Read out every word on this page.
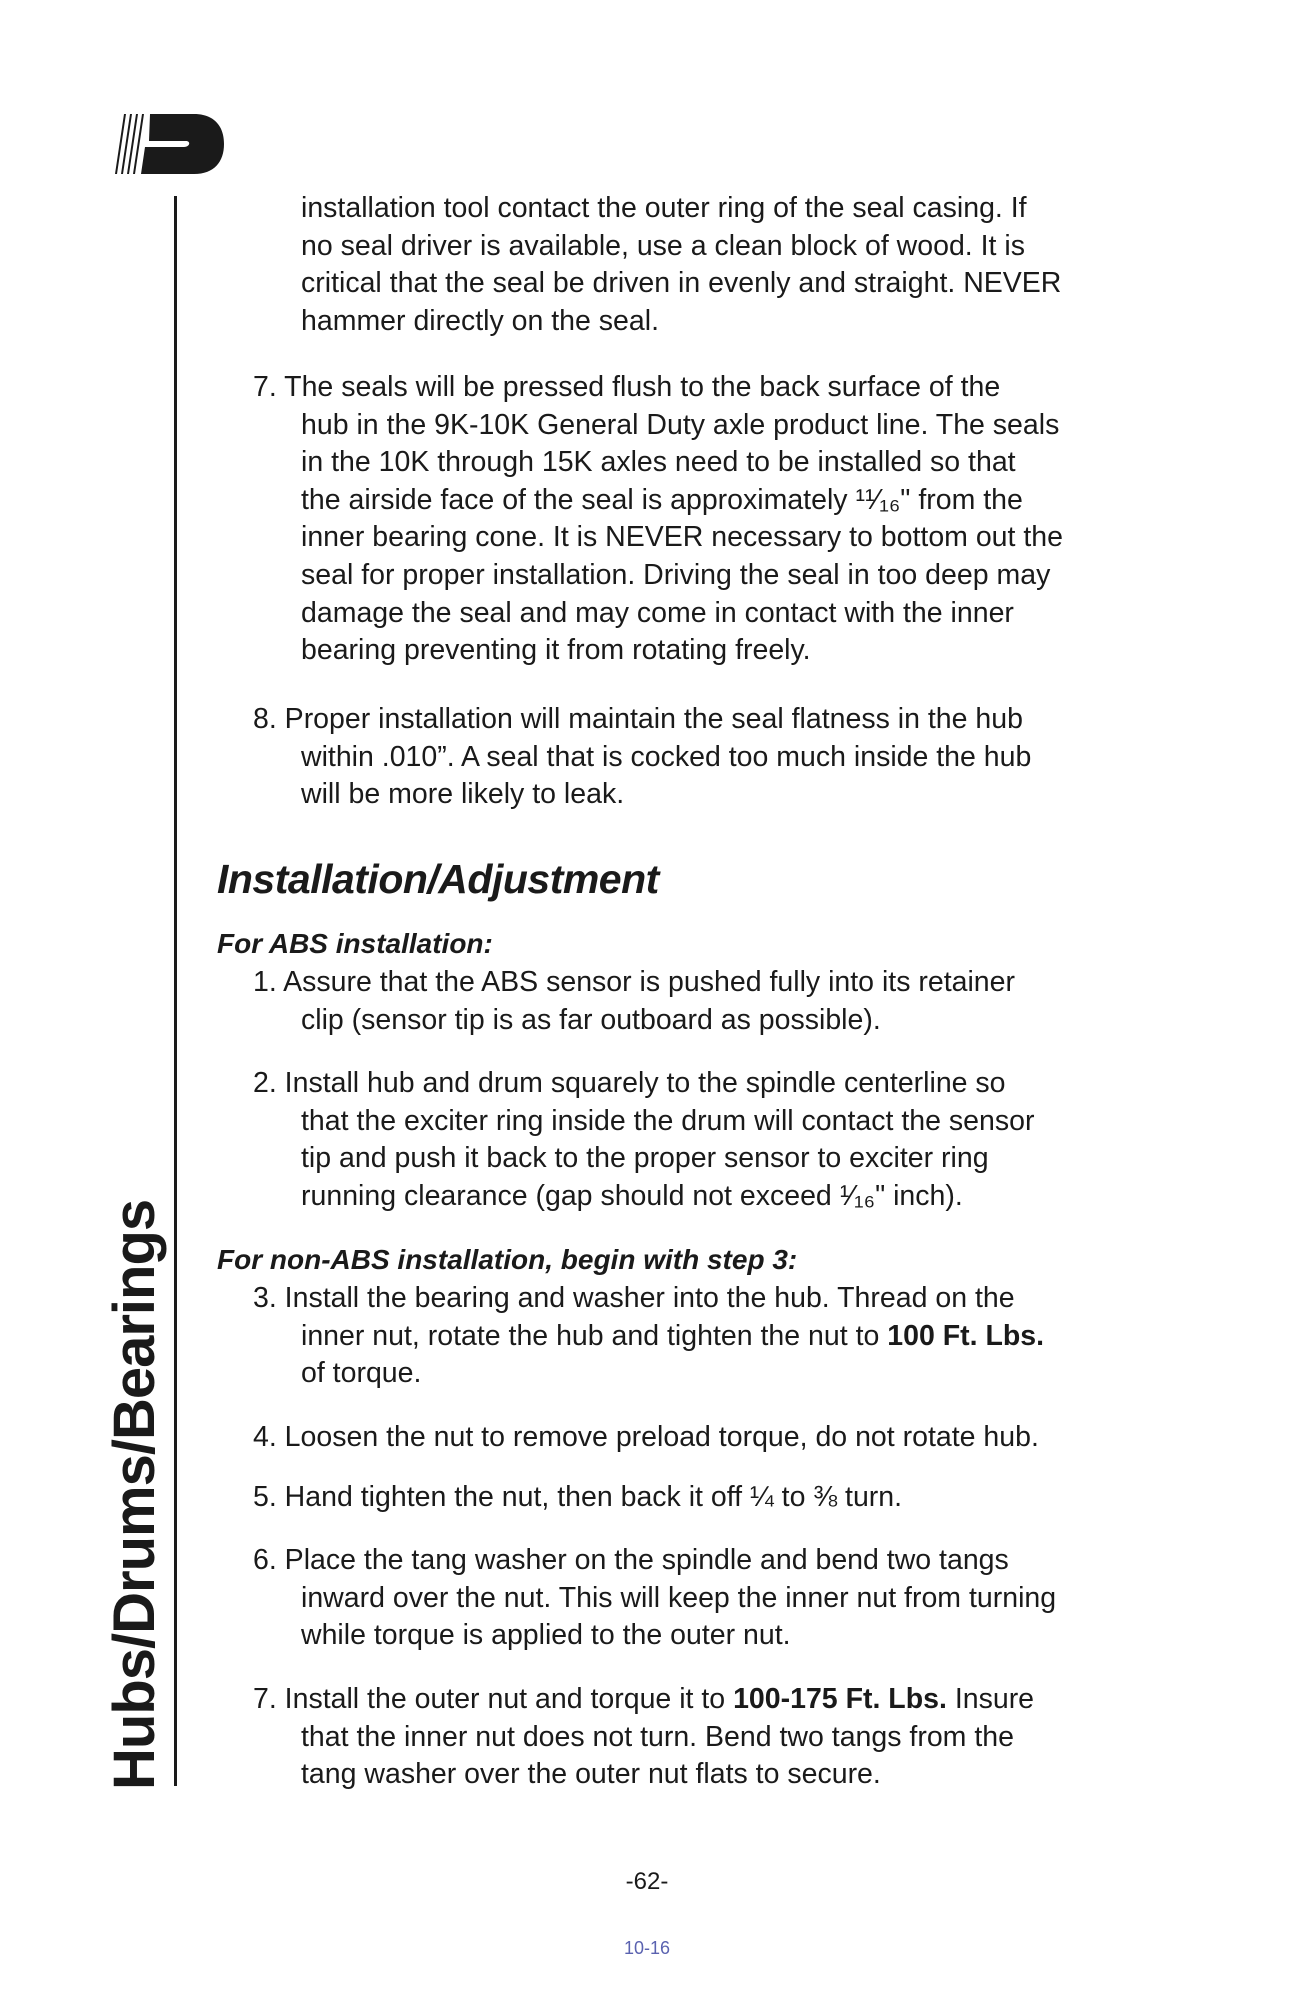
Hubs/Drums/Bearings
installation tool contact the outer ring of the seal casing. If
no seal driver is available, use a clean block of wood. It is
critical that the seal be driven in evenly and straight. NEVER
hammer directly on the seal.
7. The seals will be pressed flush to the back surface of the
hub in the 9K-10K General Duty axle product line. The seals
in the 10K through 15K axles need to be installed so that
the airside face of the seal is approximately ¹¹⁄₁₆" from the
inner bearing cone. It is NEVER necessary to bottom out the
seal for proper installation. Driving the seal in too deep may
damage the seal and may come in contact with the inner
bearing preventing it from rotating freely.
8. Proper installation will maintain the seal flatness in the hub
within .010”. A seal that is cocked too much inside the hub
will be more likely to leak.
Installation/Adjustment
For ABS installation:
1. Assure that the ABS sensor is pushed fully into its retainer
clip (sensor tip is as far outboard as possible).
2. Install hub and drum squarely to the spindle centerline so
that the exciter ring inside the drum will contact the sensor
tip and push it back to the proper sensor to exciter ring
running clearance (gap should not exceed ¹⁄₁₆" inch).
For non-ABS installation, begin with step 3:
3. Install the bearing and washer into the hub. Thread on the
inner nut, rotate the hub and tighten the nut to 100 Ft. Lbs.
of torque.
4. Loosen the nut to remove preload torque, do not rotate hub.
5. Hand tighten the nut, then back it off ¼ to ⅜ turn.
6. Place the tang washer on the spindle and bend two tangs
inward over the nut. This will keep the inner nut from turning
while torque is applied to the outer nut.
7. Install the outer nut and torque it to 100-175 Ft. Lbs. Insure
that the inner nut does not turn. Bend two tangs from the
tang washer over the outer nut flats to secure.
-62-
10-16
